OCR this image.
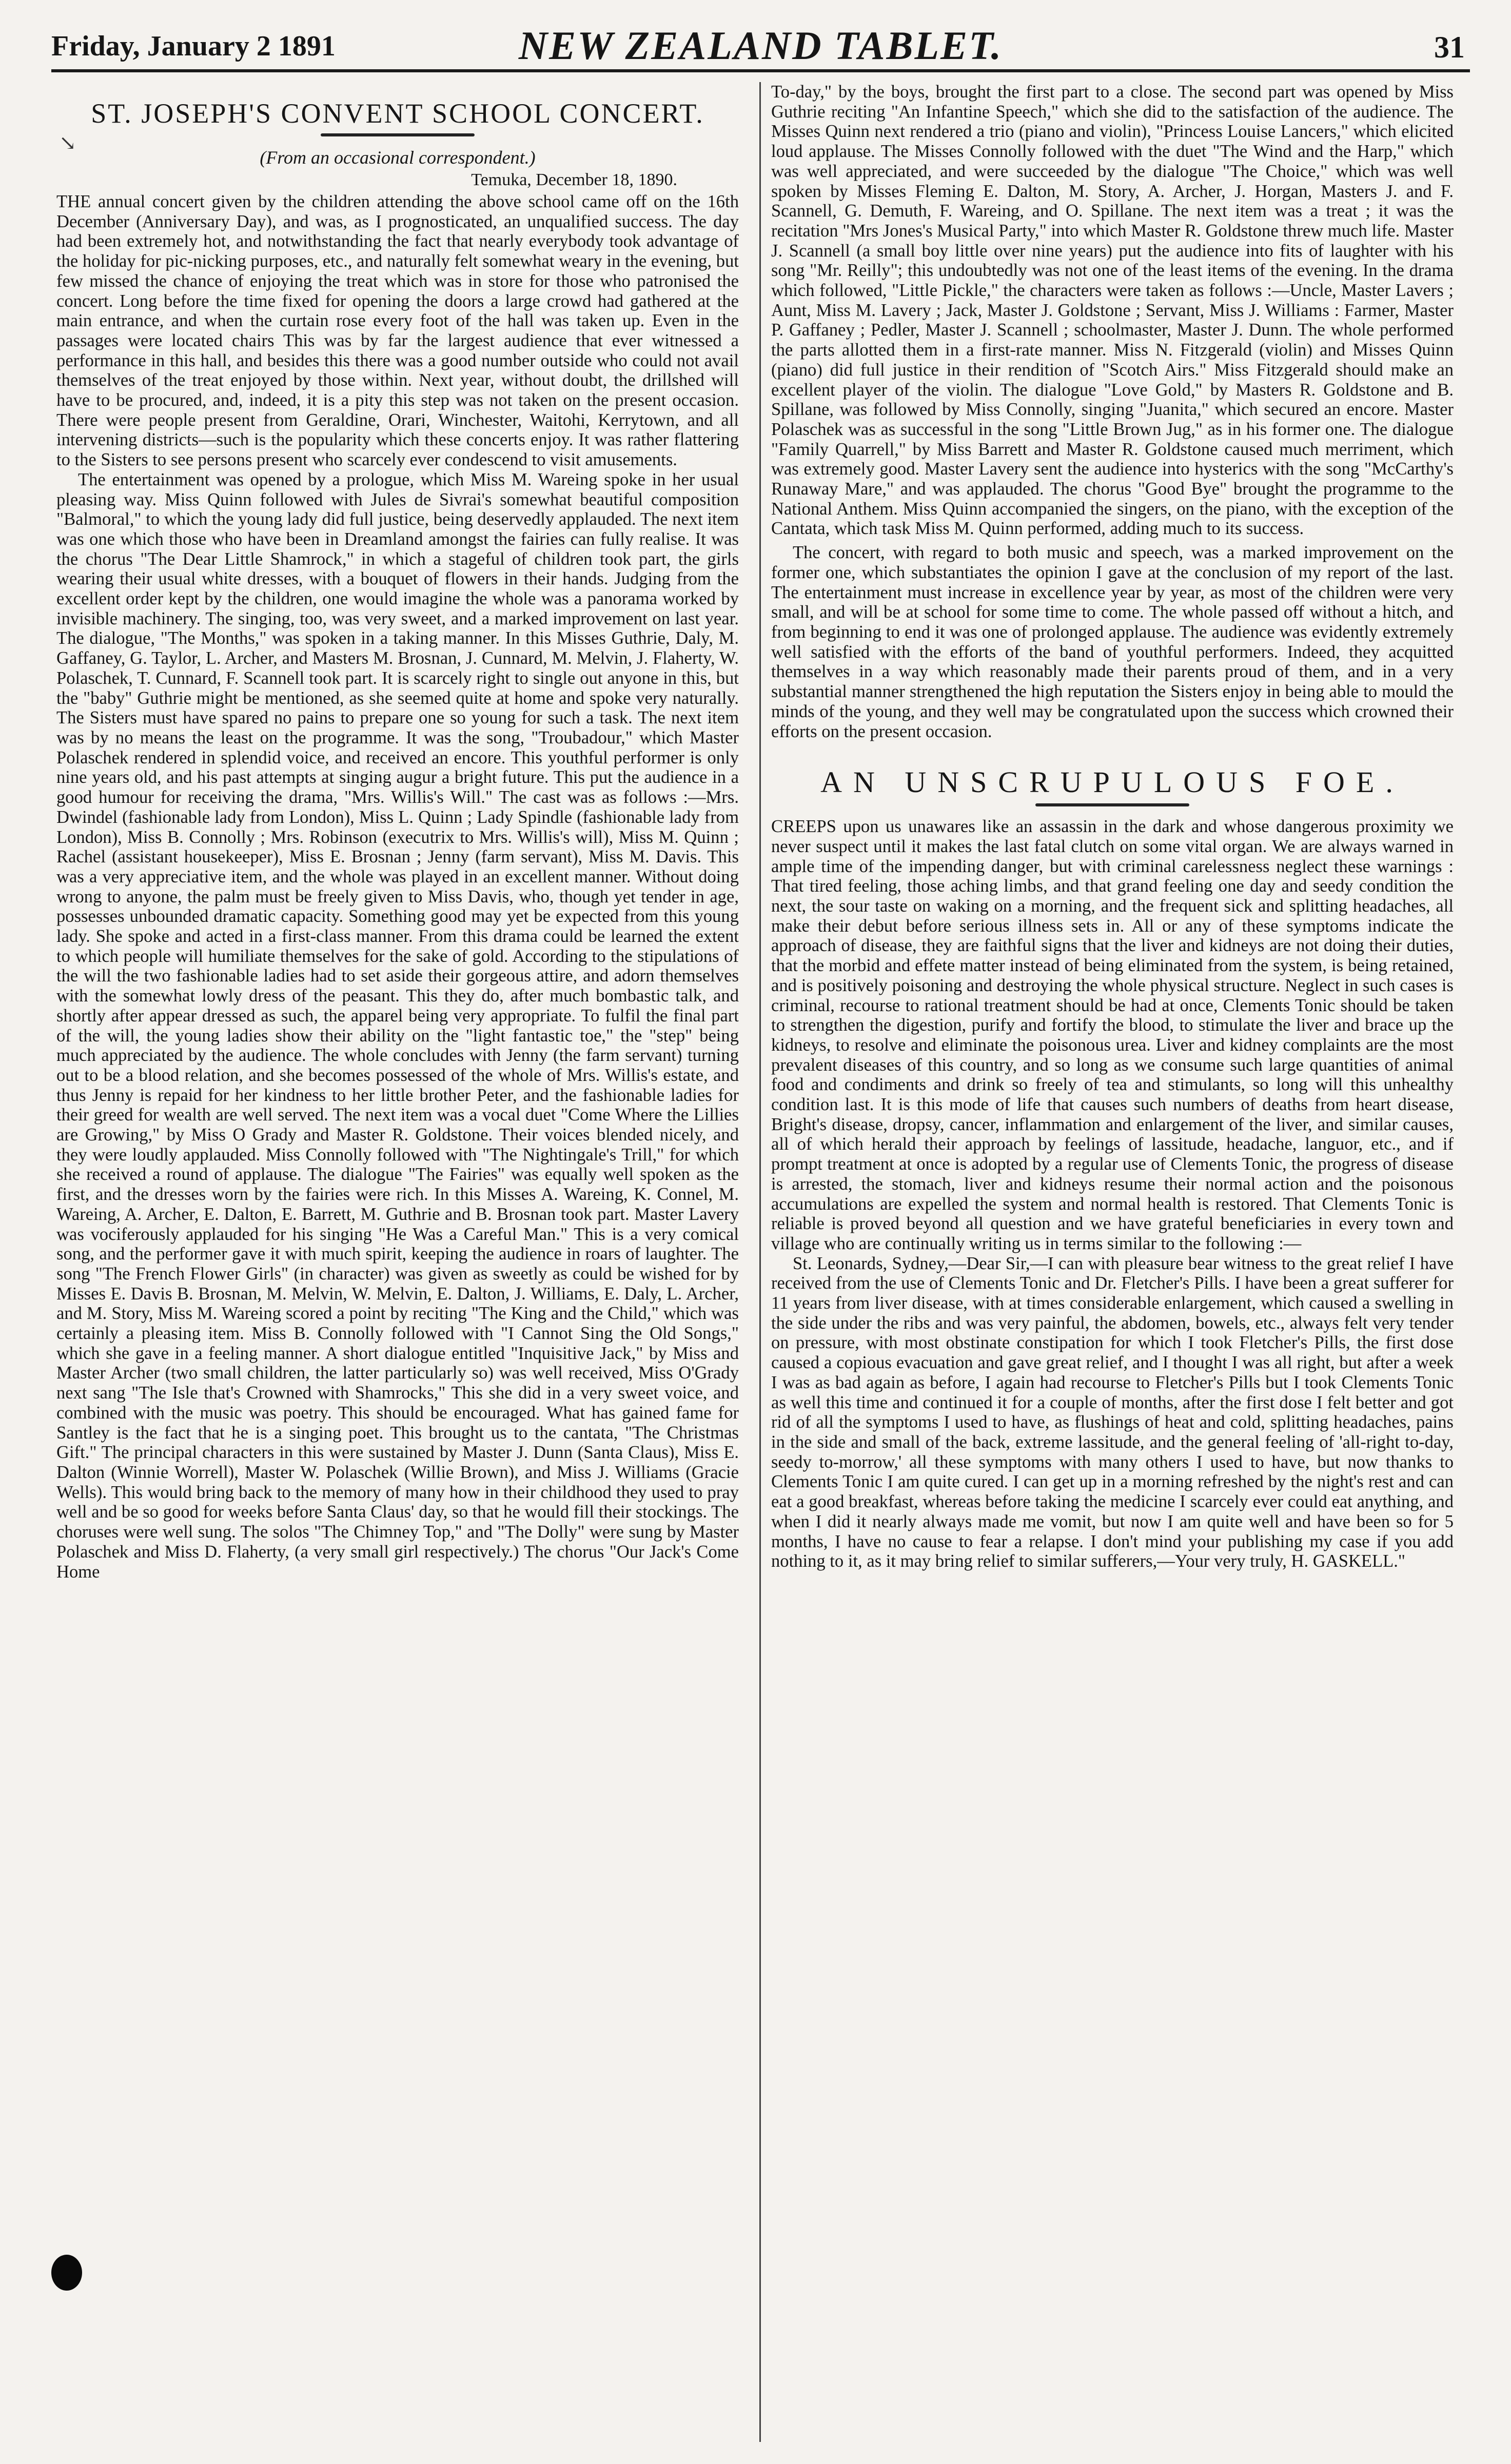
Friday, January 2 1891	NEW ZEALAND TABLET.	31
↘
ST. JOSEPH'S CONVENT SCHOOL CONCERT.
(From an occasional correspondent.)
Temuka, December 18, 1890.

THE annual concert given by the children attending the above school came off on the 16th December (Anniversary Day), and was, as I prognosticated, an unqualified success. The day had been extremely hot, and notwithstanding the fact that nearly everybody took advantage of the holiday for pic-nicking purposes, etc., and naturally felt somewhat weary in the evening, but few missed the chance of enjoying the treat which was in store for those who patronised the concert. Long before the time fixed for opening the doors a large crowd had gathered at the main entrance, and when the curtain rose every foot of the hall was taken up. Even in the passages were located chairs This was by far the largest audience that ever witnessed a performance in this hall, and besides this there was a good number outside who could not avail themselves of the treat enjoyed by those within. Next year, without doubt, the drillshed will have to be procured, and, indeed, it is a pity this step was not taken on the present occasion. There were people present from Geraldine, Orari, Winchester, Waitohi, Kerrytown, and all intervening districts—such is the popularity which these concerts enjoy. It was rather flattering to the Sisters to see persons present who scarcely ever condescend to visit amusements.

The entertainment was opened by a prologue, which Miss M. Wareing spoke in her usual pleasing way. Miss Quinn followed with Jules de Sivrai's somewhat beautiful composition "Balmoral," to which the young lady did full justice, being deservedly applauded. The next item was one which those who have been in Dreamland amongst the fairies can fully realise. It was the chorus "The Dear Little Shamrock," in which a stageful of children took part, the girls wearing their usual white dresses, with a bouquet of flowers in their hands. Judging from the excellent order kept by the children, one would imagine the whole was a panorama worked by invisible machinery. The singing, too, was very sweet, and a marked improvement on last year. The dialogue, "The Months," was spoken in a taking manner. In this Misses Guthrie, Daly, M. Gaffaney, G. Taylor, L. Archer, and Masters M. Brosnan, J. Cunnard, M. Melvin, J. Flaherty, W. Polaschek, T. Cunnard, F. Scannell took part. It is scarcely right to single out anyone in this, but the "baby" Guthrie might be mentioned, as she seemed quite at home and spoke very naturally. The Sisters must have spared no pains to prepare one so young for such a task. The next item was by no means the least on the programme. It was the song, "Troubadour," which Master Polaschek rendered in splendid voice, and received an encore. This youthful performer is only nine years old, and his past attempts at singing augur a bright future. This put the audience in a good humour for receiving the drama, "Mrs. Willis's Will." The cast was as follows :—Mrs. Dwindel (fashionable lady from London), Miss L. Quinn ; Lady Spindle (fashionable lady from London), Miss B. Connolly ; Mrs. Robinson (executrix to Mrs. Willis's will), Miss M. Quinn ; Rachel (assistant housekeeper), Miss E. Brosnan ; Jenny (farm servant), Miss M. Davis. This was a very appreciative item, and the whole was played in an excellent manner. Without doing wrong to anyone, the palm must be freely given to Miss Davis, who, though yet tender in age, possesses unbounded dramatic capacity. Something good may yet be expected from this young lady. She spoke and acted in a first-class manner. From this drama could be learned the extent to which people will humiliate themselves for the sake of gold. According to the stipulations of the will the two fashionable ladies had to set aside their gorgeous attire, and adorn themselves with the somewhat lowly dress of the peasant. This they do, after much bombastic talk, and shortly after appear dressed as such, the apparel being very appropriate. To fulfil the final part of the will, the young ladies show their ability on the "light fantastic toe," the "step" being much appreciated by the audience. The whole concludes with Jenny (the farm servant) turning out to be a blood relation, and she becomes possessed of the whole of Mrs. Willis's estate, and thus Jenny is repaid for her kindness to her little brother Peter, and the fashionable ladies for their greed for wealth are well served. The next item was a vocal duet "Come Where the Lillies are Growing," by Miss O Grady and Master R. Goldstone. Their voices blended nicely, and they were loudly applauded. Miss Connolly followed with "The Nightingale's Trill," for which she received a round of applause. The dialogue "The Fairies" was equally well spoken as the first, and the dresses worn by the fairies were rich. In this Misses A. Wareing, K. Connel, M. Wareing, A. Archer, E. Dalton, E. Barrett, M. Guthrie and B. Brosnan took part. Master Lavery was vociferously applauded for his singing "He Was a Careful Man." This is a very comical song, and the performer gave it with much spirit, keeping the audience in roars of laughter. The song "The French Flower Girls" (in character) was given as sweetly as could be wished for by Misses E. Davis B. Brosnan, M. Melvin, W. Melvin, E. Dalton, J. Williams, E. Daly, L. Archer, and M. Story, Miss M. Wareing scored a point by reciting "The King and the Child," which was certainly a pleasing item. Miss B. Connolly followed with "I Cannot Sing the Old Songs," which she gave in a feeling manner. A short dialogue entitled "Inquisitive Jack," by Miss and Master Archer (two small children, the latter particularly so) was well received, Miss O'Grady next sang "The Isle that's Crowned with Shamrocks," This she did in a very sweet voice, and combined with the music was poetry. This should be encouraged. What has gained fame for Santley is the fact that he is a singing poet. This brought us to the cantata, "The Christmas Gift." The principal characters in this were sustained by Master J. Dunn (Santa Claus), Miss E. Dalton (Winnie Worrell), Master W. Polaschek (Willie Brown), and Miss J. Williams (Gracie Wells). This would bring back to the memory of many how in their childhood they used to pray well and be so good for weeks before Santa Claus' day, so that he would fill their stockings. The choruses were well sung. The solos "The Chimney Top," and "The Dolly" were sung by Master Polaschek and Miss D. Flaherty, (a very small girl respectively.) The chorus "Our Jack's Come Home

To-day," by the boys, brought the first part to a close. The second part was opened by Miss Guthrie reciting "An Infantine Speech," which she did to the satisfaction of the audience. The Misses Quinn next rendered a trio (piano and violin), "Princess Louise Lancers," which elicited loud applause. The Misses Connolly followed with the duet "The Wind and the Harp," which was well appreciated, and were succeeded by the dialogue "The Choice," which was well spoken by Misses Fleming E. Dalton, M. Story, A. Archer, J. Horgan, Masters J. and F. Scannell, G. Demuth, F. Wareing, and O. Spillane. The next item was a treat ; it was the recitation "Mrs Jones's Musical Party," into which Master R. Goldstone threw much life. Master J. Scannell (a small boy little over nine years) put the audience into fits of laughter with his song "Mr. Reilly"; this undoubtedly was not one of the least items of the evening. In the drama which followed, "Little Pickle," the characters were taken as follows :—Uncle, Master Lavers ; Aunt, Miss M. Lavery ; Jack, Master J. Goldstone ; Servant, Miss J. Williams : Farmer, Master P. Gaffaney ; Pedler, Master J. Scannell ; schoolmaster, Master J. Dunn. The whole performed the parts allotted them in a first-rate manner. Miss N. Fitzgerald (violin) and Misses Quinn (piano) did full justice in their rendition of "Scotch Airs." Miss Fitzgerald should make an excellent player of the violin. The dialogue "Love Gold," by Masters R. Goldstone and B. Spillane, was followed by Miss Connolly, singing "Juanita," which secured an encore. Master Polaschek was as successful in the song "Little Brown Jug," as in his former one. The dialogue "Family Quarrell," by Miss Barrett and Master R. Goldstone caused much merriment, which was extremely good. Master Lavery sent the audience into hysterics with the song "McCarthy's Runaway Mare," and was applauded. The chorus "Good Bye" brought the programme to the National Anthem. Miss Quinn accompanied the singers, on the piano, with the exception of the Cantata, which task Miss M. Quinn performed, adding much to its success.

The concert, with regard to both music and speech, was a marked improvement on the former one, which substantiates the opinion I gave at the conclusion of my report of the last. The entertainment must increase in excellence year by year, as most of the children were very small, and will be at school for some time to come. The whole passed off without a hitch, and from beginning to end it was one of prolonged applause. The audience was evidently extremely well satisfied with the efforts of the band of youthful performers. Indeed, they acquitted themselves in a way which reasonably made their parents proud of them, and in a very substantial manner strengthened the high reputation the Sisters enjoy in being able to mould the minds of the young, and they well may be congratulated upon the success which crowned their efforts on the present occasion.

AN UNSCRUPULOUS FOE.

CREEPS upon us unawares like an assassin in the dark and whose dangerous proximity we never suspect until it makes the last fatal clutch on some vital organ. We are always warned in ample time of the impending danger, but with criminal carelessness neglect these warnings : That tired feeling, those aching limbs, and that grand feeling one day and seedy condition the next, the sour taste on waking on a morning, and the frequent sick and splitting headaches, all make their debut before serious illness sets in. All or any of these symptoms indicate the approach of disease, they are faithful signs that the liver and kidneys are not doing their duties, that the morbid and effete matter instead of being eliminated from the system, is being retained, and is positively poisoning and destroying the whole physical structure. Neglect in such cases is criminal, recourse to rational treatment should be had at once, Clements Tonic should be taken to strengthen the digestion, purify and fortify the blood, to stimulate the liver and brace up the kidneys, to resolve and eliminate the poisonous urea. Liver and kidney complaints are the most prevalent diseases of this country, and so long as we consume such large quantities of animal food and condiments and drink so freely of tea and stimulants, so long will this unhealthy condition last. It is this mode of life that causes such numbers of deaths from heart disease, Bright's disease, dropsy, cancer, inflammation and enlargement of the liver, and similar causes, all of which herald their approach by feelings of lassitude, headache, languor, etc., and if prompt treatment at once is adopted by a regular use of Clements Tonic, the progress of disease is arrested, the stomach, liver and kidneys resume their normal action and the poisonous accumulations are expelled the system and normal health is restored. That Clements Tonic is reliable is proved beyond all question and we have grateful beneficiaries in every town and village who are continually writing us in terms similar to the following :—

St. Leonards, Sydney,—Dear Sir,—I can with pleasure bear witness to the great relief I have received from the use of Clements Tonic and Dr. Fletcher's Pills. I have been a great sufferer for 11 years from liver disease, with at times considerable enlargement, which caused a swelling in the side under the ribs and was very painful, the abdomen, bowels, etc., always felt very tender on pressure, with most obstinate constipation for which I took Fletcher's Pills, the first dose caused a copious evacuation and gave great relief, and I thought I was all right, but after a week I was as bad again as before, I again had recourse to Fletcher's Pills but I took Clements Tonic as well this time and continued it for a couple of months, after the first dose I felt better and got rid of all the symptoms I used to have, as flushings of heat and cold, splitting headaches, pains in the side and small of the back, extreme lassitude, and the general feeling of 'all-right to-day, seedy to-morrow,' all these symptoms with many others I used to have, but now thanks to Clements Tonic I am quite cured. I can get up in a morning refreshed by the night's rest and can eat a good breakfast, whereas before taking the medicine I scarcely ever could eat anything, and when I did it nearly always made me vomit, but now I am quite well and have been so for 5 months, I have no cause to fear a relapse. I don't mind your publishing my case if you add nothing to it, as it may bring relief to similar sufferers,—Your very truly, H. GASKELL."
